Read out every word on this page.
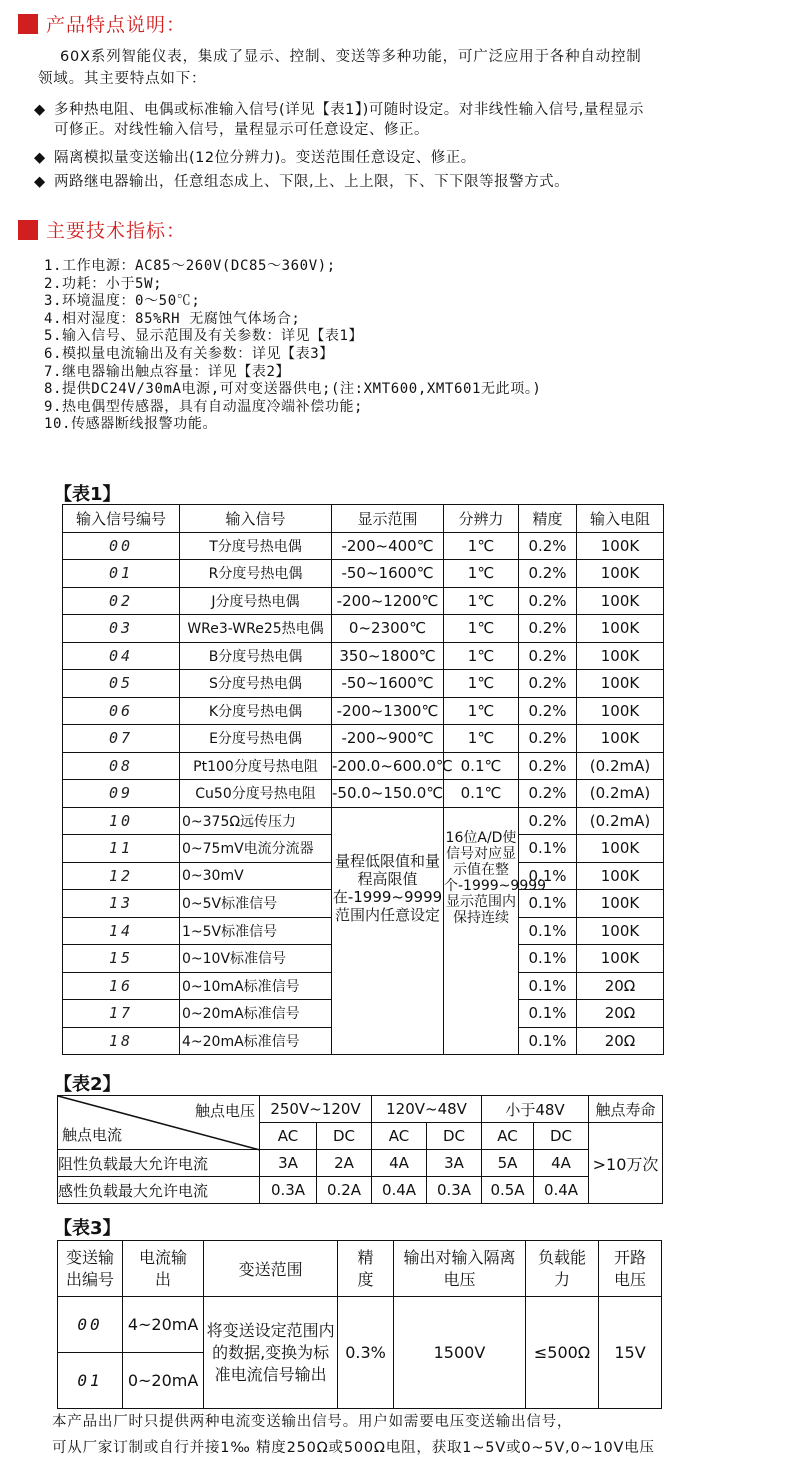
产品特点说明：
60X系列智能仪表，集成了显示、控制、变送等多种功能，可广泛应用于各种自动控制
领域。其主要特点如下：
◆ 多种热电阻、电偶或标准输入信号(详见【表1】)可随时设定。对非线性输入信号,量程显示
可修正。对线性输入信号，量程显示可任意设定、修正。
◆ 隔离模拟量变送输出(12位分辨力)。变送范围任意设定、修正。
◆ 两路继电器输出，任意组态成上、下限,上、上上限，下、下下限等报警方式。
主要技术指标：
1.工作电源：AC85～260V(DC85～360V);
2.功耗：小于5W;
3.环境温度：0～50℃;
4.相对湿度：85%RH 无腐蚀气体场合;
5.输入信号、显示范围及有关参数：详见【表1】
6.模拟量电流输出及有关参数：详见【表3】
7.继电器输出触点容量：详见【表2】
8.提供DC24V/30mA电源,可对变送器供电;(注:XMT600,XMT601无此项。)
9.热电偶型传感器，具有自动温度冷端补偿功能;
10.传感器断线报警功能。
【表1】
输入信号编号	输入信号	显示范围	分辨力	精度	输入电阻
00	T分度号热电偶	-200~400℃	1℃	0.2%	100K
01	R分度号热电偶	-50~1600℃	1℃	0.2%	100K
02	J分度号热电偶	-200~1200℃	1℃	0.2%	100K
03	WRe3-WRe25热电偶	0~2300℃	1℃	0.2%	100K
04	B分度号热电偶	350~1800℃	1℃	0.2%	100K
05	S分度号热电偶	-50~1600℃	1℃	0.2%	100K
06	K分度号热电偶	-200~1300℃	1℃	0.2%	100K
07	E分度号热电偶	-200~900℃	1℃	0.2%	100K
08	Pt100分度号热电阻	-200.0~600.0℃	0.1℃	0.2%	(0.2mA)
09	Cu50分度号热电阻	-50.0~150.0℃	0.1℃	0.2%	(0.2mA)
10	0~375Ω远传压力	量程低限值和量程高限值在-1999~9999范围内任意设定	16位A/D使信号对应显示值在整个-1999~9999显示范围内保持连续	0.2%	(0.2mA)
11	0~75mV电流分流器			0.1%	100K
12	0~30mV			0.1%	100K
13	0~5V标准信号			0.1%	100K
14	1~5V标准信号			0.1%	100K
15	0~10V标准信号			0.1%	100K
16	0~10mA标准信号			0.1%	20Ω
17	0~20mA标准信号			0.1%	20Ω
18	4~20mA标准信号			0.1%	20Ω
【表2】
触点电压
触点电流	250V~120V		120V~48V		小于48V		触点寿命
	AC	DC	AC	DC	AC	DC	>10万次
阻性负载最大允许电流	3A	2A	4A	3A	5A	4A	
感性负载最大允许电流	0.3A	0.2A	0.4A	0.3A	0.5A	0.4A	
【表3】
变送输出编号	电流输出	变送范围	精度	输出对输入隔离电压	负载能力	开路电压
00	4~20mA	将变送设定范围内的数据,变换为标准电流信号输出	0.3%	1500V	≤500Ω	15V
01	0~20mA					
本产品出厂时只提供两种电流变送输出信号。用户如需要电压变送输出信号，
可从厂家订制或自行并接1‰ 精度250Ω或500Ω电阻，获取1~5V或0~5V,0~10V电压
